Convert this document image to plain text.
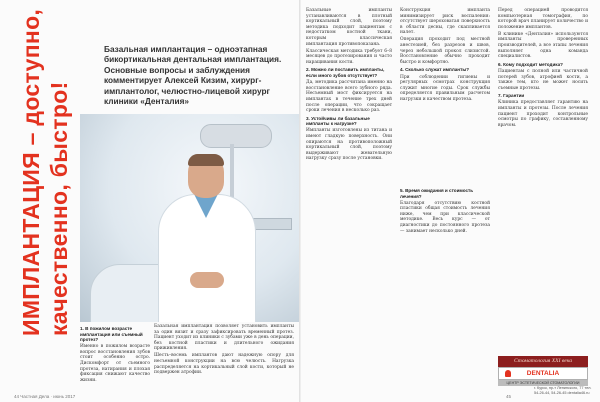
ИМПЛАНТАЦИЯ – доступно, качественно, быстро!
Базальная имплантация – одноэтапная бикортикальная дентальная имплантация. Основные вопросы и заблуждения комментирует Алексей Кизим, хирург-имплантолог, челюстно-лицевой хирург клиники «Денталия»
1. В пожилом возрасте имплантация или съемный протез?

Именно в пожилом возрасте вопрос восстановления зубов стоит особенно остро. Дискомфорт от съемного протеза, натирания и плохая фиксация снижают качество жизни.

Базальная имплантация позволяет установить импланты за один визит и сразу зафиксировать временный протез. Пациент уходит из клиники с зубами уже в день операции, без костной пластики и длительного ожидания приживления.

Шесть–восемь имплантов дают надежную опору для несъемной конструкции на всю челюсть. Нагрузка распределяется на кортикальный слой кости, который не подвержен атрофии.

Базальные импланты устанавливаются в плотный кортикальный слой, поэтому методика подходит пациентам с недостатком костной ткани, которым классическая имплантация противопоказана.

Классическая методика требует 6–8 месяцев до протезирования и часто наращивания кости.

2. Можно ли поставить импланты, если много зубов отсутствует?

Да, методика рассчитана именно на восстановление всего зубного ряда. Несъемный мост фиксируется на имплантах в течение трех дней после операции, что сокращает сроки лечения в несколько раз.

3. Устойчивы ли базальные импланты к нагрузке?

Импланты изготовлены из титана и имеют гладкую поверхность. Они опираются на противоположный кортикальный слой, поэтому выдерживают жевательную нагрузку сразу после установки.

Конструкция импланта минимизирует риск воспаления: отсутствует шероховатая поверхность в области десны, где скапливается налет.

Операция проходит под местной анестезией, без разрезов и швов, через небольшой прокол слизистой. Восстановление обычно проходит быстро и комфортно.

4. Сколько служат импланты?

При соблюдении гигиены и регулярных осмотрах конструкция служит многие годы. Срок службы определяется правильным расчетом нагрузки и качеством протеза.

5. Время ожидания и стоимость лечения?

Благодаря отсутствию костной пластики общая стоимость лечения ниже, чем при классической методике. Весь курс — от диагностики до постоянного протеза — занимает несколько дней.

Перед операцией проводится компьютерная томография, по которой врач планирует количество и положение имплантов.

В клинике «Денталия» используются импланты проверенных производителей, а все этапы лечения выполняет одна команда специалистов.

6. Кому подходит методика?

Пациентам с полной или частичной потерей зубов, атрофией кости, а также тем, кто не может носить съемные протезы.

7. Гарантии

Клиника предоставляет гарантию на импланты и протезы. После лечения пациент проходит контрольные осмотры по графику, составленному врачом.

Стоматология XXI века
DENTALIA
ЦЕНТР ЭСТЕТИЧЕСКОЙ СТОМАТОЛОГИИ
г. Курск, пр-т Ленинского, 77 тел. 54-26-44, 54-26-45 dentalia46.ru
44 Частная Дела · июнь 2017	45
